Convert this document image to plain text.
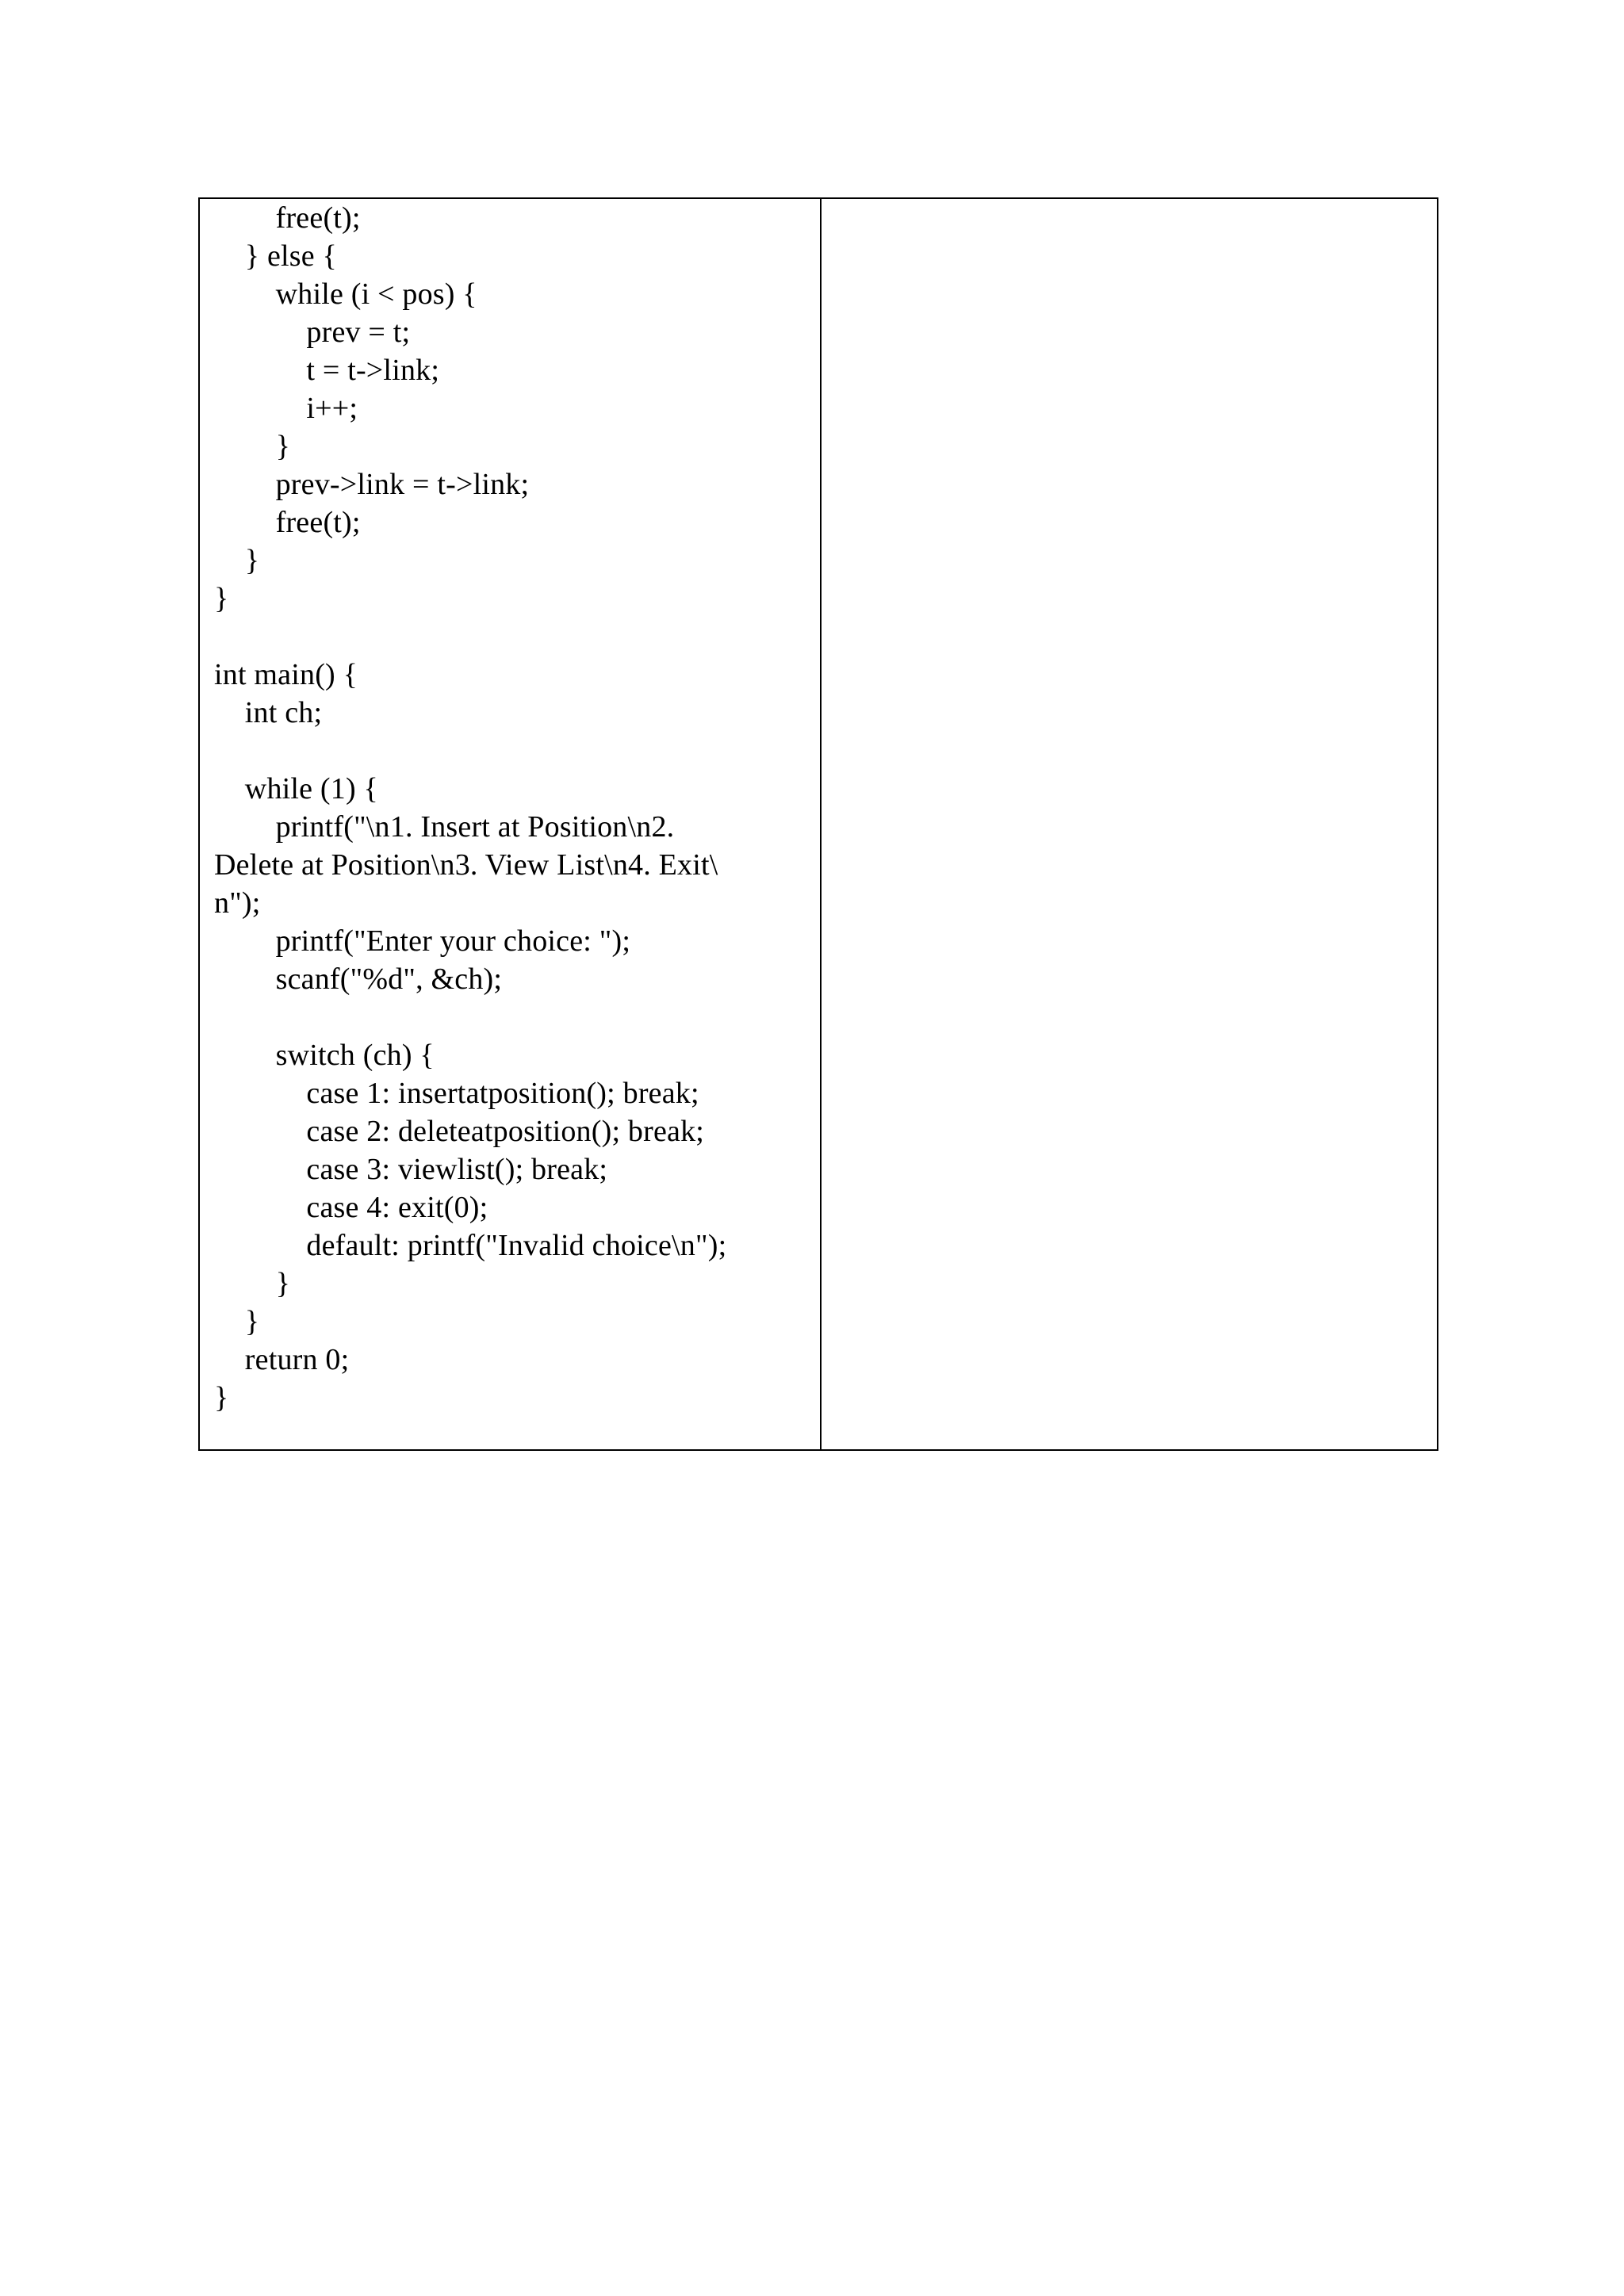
free(t);
} else {
while (i < pos) {
prev = t;
t = t->link;
i++;
}
prev->link = t->link;
free(t);
}
}
int main() {
int ch;
while (1) {
printf("\n1. Insert at Position\n2.
Delete at Position\n3. View List\n4. Exit\
n");
printf("Enter your choice: ");
scanf("%d", &ch);
switch (ch) {
case 1: insertatposition(); break;
case 2: deleteatposition(); break;
case 3: viewlist(); break;
case 4: exit(0);
default: printf("Invalid choice\n");
}
}
return 0;
}
